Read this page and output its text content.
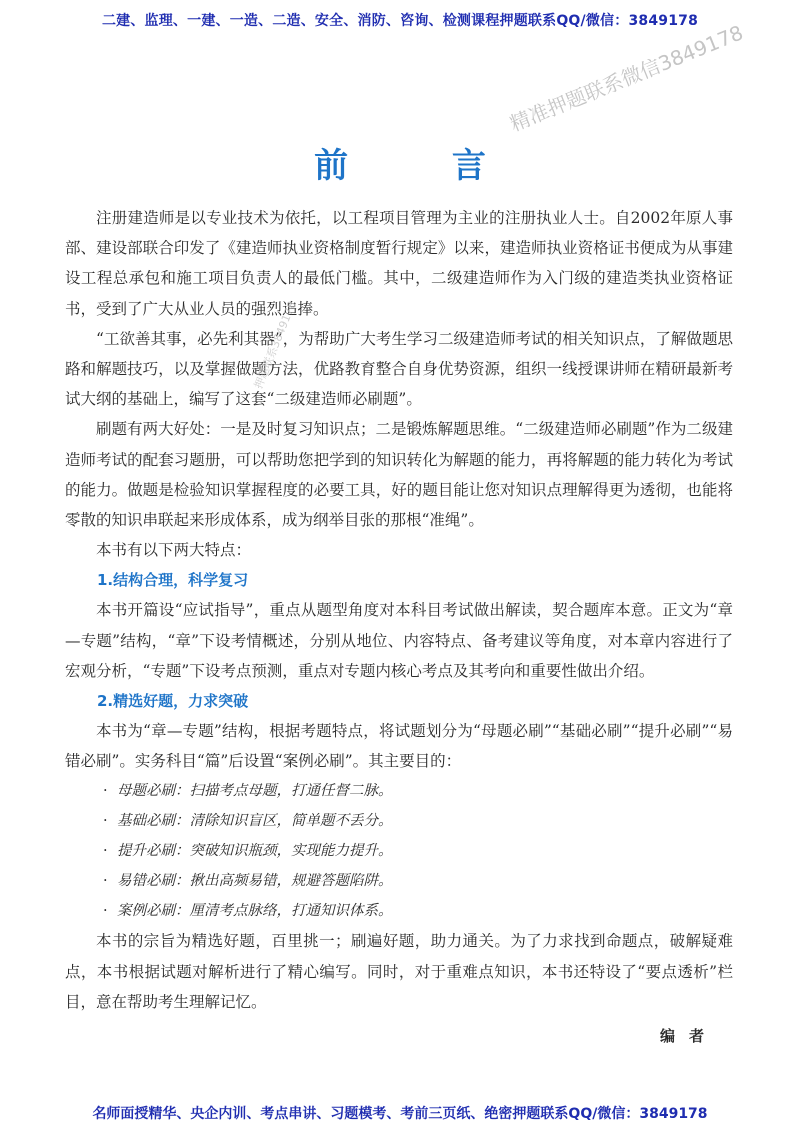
二建、监理、一建、一造、二造、安全、消防、咨询、检测课程押题联系QQ/微信：3849178
精准押题联系微信3849178
前 言

注册建造师是以专业技术为依托，以工程项目管理为主业的注册执业人士。自2002年原人事部、建设部联合印发了《建造师执业资格制度暂行规定》以来，建造师执业资格证书便成为从事建设工程总承包和施工项目负责人的最低门槛。其中，二级建造师作为入门级的建造类执业资格证书，受到了广大从业人员的强烈追捧。

“工欲善其事，必先利其器”，为帮助广大考生学习二级建造师考试的相关知识点，了解做题思路和解题技巧，以及掌握做题方法，优路教育整合自身优势资源，组织一线授课讲师在精研最新考试大纲的基础上，编写了这套“二级建造师必刷题”。

刷题有两大好处：一是及时复习知识点；二是锻炼解题思维。“二级建造师必刷题”作为二级建造师考试的配套习题册，可以帮助您把学到的知识转化为解题的能力，再将解题的能力转化为考试的能力。做题是检验知识掌握程度的必要工具，好的题目能让您对知识点理解得更为透彻，也能将零散的知识串联起来形成体系，成为纲举目张的那根“准绳”。

本书有以下两大特点：

1.结构合理，科学复习

本书开篇设“应试指导”，重点从题型角度对本科目考试做出解读，契合题库本意。正文为“章—专题”结构，“章”下设考情概述，分别从地位、内容特点、备考建议等角度，对本章内容进行了宏观分析，“专题”下设考点预测，重点对专题内核心考点及其考向和重要性做出介绍。

2.精选好题，力求突破

本书为“章—专题”结构，根据考题特点，将试题划分为“母题必刷”“基础必刷”“提升必刷”“易错必刷”。实务科目“篇”后设置“案例必刷”。其主要目的：

· 母题必刷：扫描考点母题，打通任督二脉。
· 基础必刷：清除知识盲区，简单题不丢分。
· 提升必刷：突破知识瓶颈，实现能力提升。
· 易错必刷：揪出高频易错，规避答题陷阱。
· 案例必刷：厘清考点脉络，打通知识体系。

本书的宗旨为精选好题，百里挑一；刷遍好题，助力通关。为了力求找到命题点，破解疑难点，本书根据试题对解析进行了精心编写。同时，对于重难点知识，本书还特设了“要点透析”栏目，意在帮助考生理解记忆。

押题联系3849178
编者
名师面授精华、央企内训、考点串讲、习题模考、考前三页纸、绝密押题联系QQ/微信：3849178
